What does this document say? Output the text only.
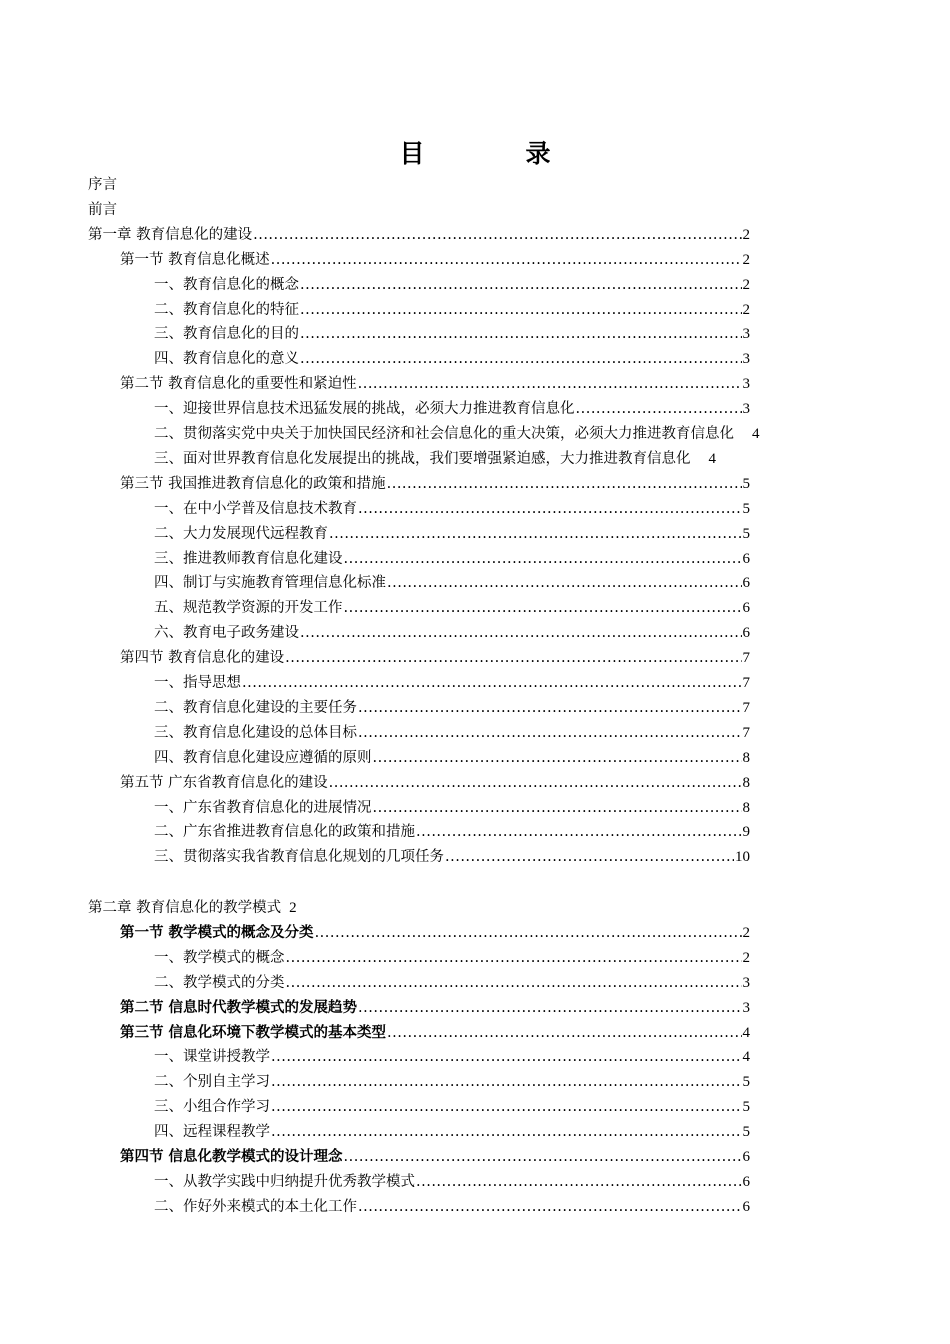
目　录
序言
前言
第一章 教育信息化的建设 .....	2
第一节 教育信息化概述 .....	2
一、教育信息化的概念 .....	2
二、教育信息化的特征 .....	2
三、教育信息化的目的 .....	3
四、教育信息化的意义 .....	3
第二节 教育信息化的重要性和紧迫性 .....	3
一、迎接世界信息技术迅猛发展的挑战，必须大力推进教育信息化 .....	3
二、贯彻落实党中央关于加快国民经济和社会信息化的重大决策，必须大力推进教育信息化 4
三、面对世界教育信息化发展提出的挑战，我们要增强紧迫感，大力推进教育信息化 4
第三节 我国推进教育信息化的政策和措施 .....	5
一、在中小学普及信息技术教育 .....	5
二、大力发展现代远程教育 .....	5
三、推进教师教育信息化建设 .....	6
四、制订与实施教育管理信息化标准 .....	6
五、规范教学资源的开发工作 .....	6
六、教育电子政务建设 .....	6
第四节 教育信息化的建设 .....	7
一、指导思想 .....	7
二、教育信息化建设的主要任务 .....	7
三、教育信息化建设的总体目标 .....	7
四、教育信息化建设应遵循的原则 .....	8
第五节 广东省教育信息化的建设 .....	8
一、广东省教育信息化的进展情况 .....	8
二、广东省推进教育信息化的政策和措施 .....	9
三、贯彻落实我省教育信息化规划的几项任务 .....	10
第二章 教育信息化的教学模式 2
第一节 教学模式的概念及分类 .....	2
一、教学模式的概念 .....	2
二、教学模式的分类 .....	3
第二节 信息时代教学模式的发展趋势 .....	3
第三节 信息化环境下教学模式的基本类型 .....	4
一、课堂讲授教学 .....	4
二、个别自主学习 .....	5
三、小组合作学习 .....	5
四、远程课程教学 .....	5
第四节 信息化教学模式的设计理念 .....	6
一、从教学实践中归纳提升优秀教学模式 .....	6
二、作好外来模式的本土化工作 .....	6
